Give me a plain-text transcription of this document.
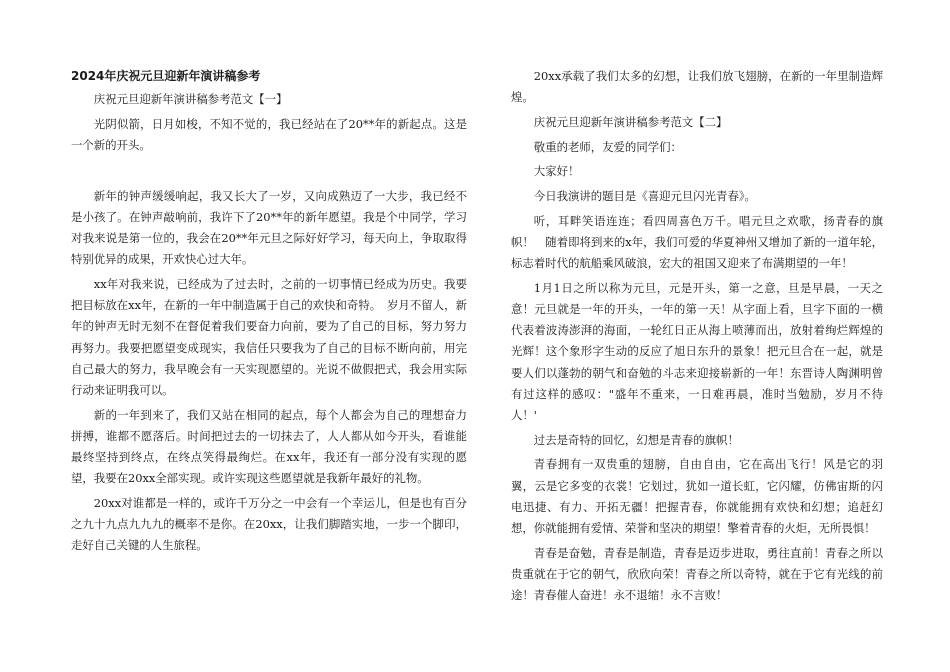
2024年庆祝元旦迎新年演讲稿参考

庆祝元旦迎新年演讲稿参考范文【一】

光阴似箭，日月如梭，不知不觉的，我已经站在了20**年的新起点。这是一个新的开头。

新年的钟声缓缓响起，我又长大了一岁，又向成熟迈了一大步，我已经不是小孩了。在钟声敲响前，我许下了20**年的新年愿望。我是个中同学，学习对我来说是第一位的，我会在20**年元旦之际好好学习，每天向上，争取取得特别优异的成果，开欢快心过大年。

xx年对我来说，已经成为了过去时，之前的一切事情已经成为历史。我要把目标放在xx年，在新的一年中制造属于自己的欢快和奇特。　岁月不留人，新年的钟声无时无刻不在督促着我们要奋力向前，要为了自己的目标，努力努力再努力。我要把愿望变成现实，我信任只要我为了自己的目标不断向前，用完自己最大的努力，我早晚会有一天实现愿望的。光说不做假把式，我会用实际行动来证明我可以。

新的一年到来了，我们又站在相同的起点，每个人都会为自己的理想奋力拼搏，谁都不愿落后。时间把过去的一切抹去了，人人都从如今开头，看谁能最终坚持到终点，在终点笑得最绚烂。在xx年，我还有一部分没有实现的愿望，我要在20xx全部实现。或许实现这些愿望就是我新年最好的礼物。

20xx对谁都是一样的，或许千万分之一中会有一个幸运儿，但是也有百分之九十九点九九九的概率不是你。在20xx，让我们脚踏实地，一步一个脚印，走好自己关键的人生旅程。

20xx承载了我们太多的幻想，让我们放飞翅膀，在新的一年里制造辉煌。

庆祝元旦迎新年演讲稿参考范文【二】

敬重的老师，友爱的同学们：

大家好！

今日我演讲的题目是《喜迎元旦闪光青春》。

听，耳畔笑语连连；看四周喜色万千。唱元旦之欢歌，扬青春的旗帜！　随着即将到来的x年，我们可爱的华夏神州又增加了新的一道年轮，标志着时代的航船乘风破浪，宏大的祖国又迎来了布满期望的一年！

1月1日之所以称为元旦，元是开头，第一之意，旦是早晨，一天之意！元旦就是一年的开头，一年的第一天！从字面上看，旦字下面的一横代表着波涛澎湃的海面，一轮红日正从海上喷薄而出，放射着绚烂辉煌的光辉！这个象形字生动的反应了旭日东升的景象！把元旦合在一起，就是要人们以蓬勃的朝气和奋勉的斗志来迎接崭新的一年！东晋诗人陶渊明曾有过这样的感叹："盛年不重来，一日难再晨，准时当勉励，岁月不待人！'

过去是奇特的回忆，幻想是青春的旗帜！

青春拥有一双贵重的翅膀，自由自由，它在高出飞行！风是它的羽翼，云是它多变的衣裳！它划过，犹如一道长虹，它闪耀，仿佛宙斯的闪电迅捷、有力、开拓无疆！把握青春，你就能拥有欢快和幻想；追赶幻想，你就能拥有爱情、荣誉和坚决的期望！擎着青春的火炬，无所畏惧！

青春是奋勉，青春是制造，青春是迈步进取，勇往直前！青春之所以贵重就在于它的朝气，欣欣向荣！青春之所以奇特，就在于它有光线的前途！青春催人奋进！永不退缩！永不言败！
